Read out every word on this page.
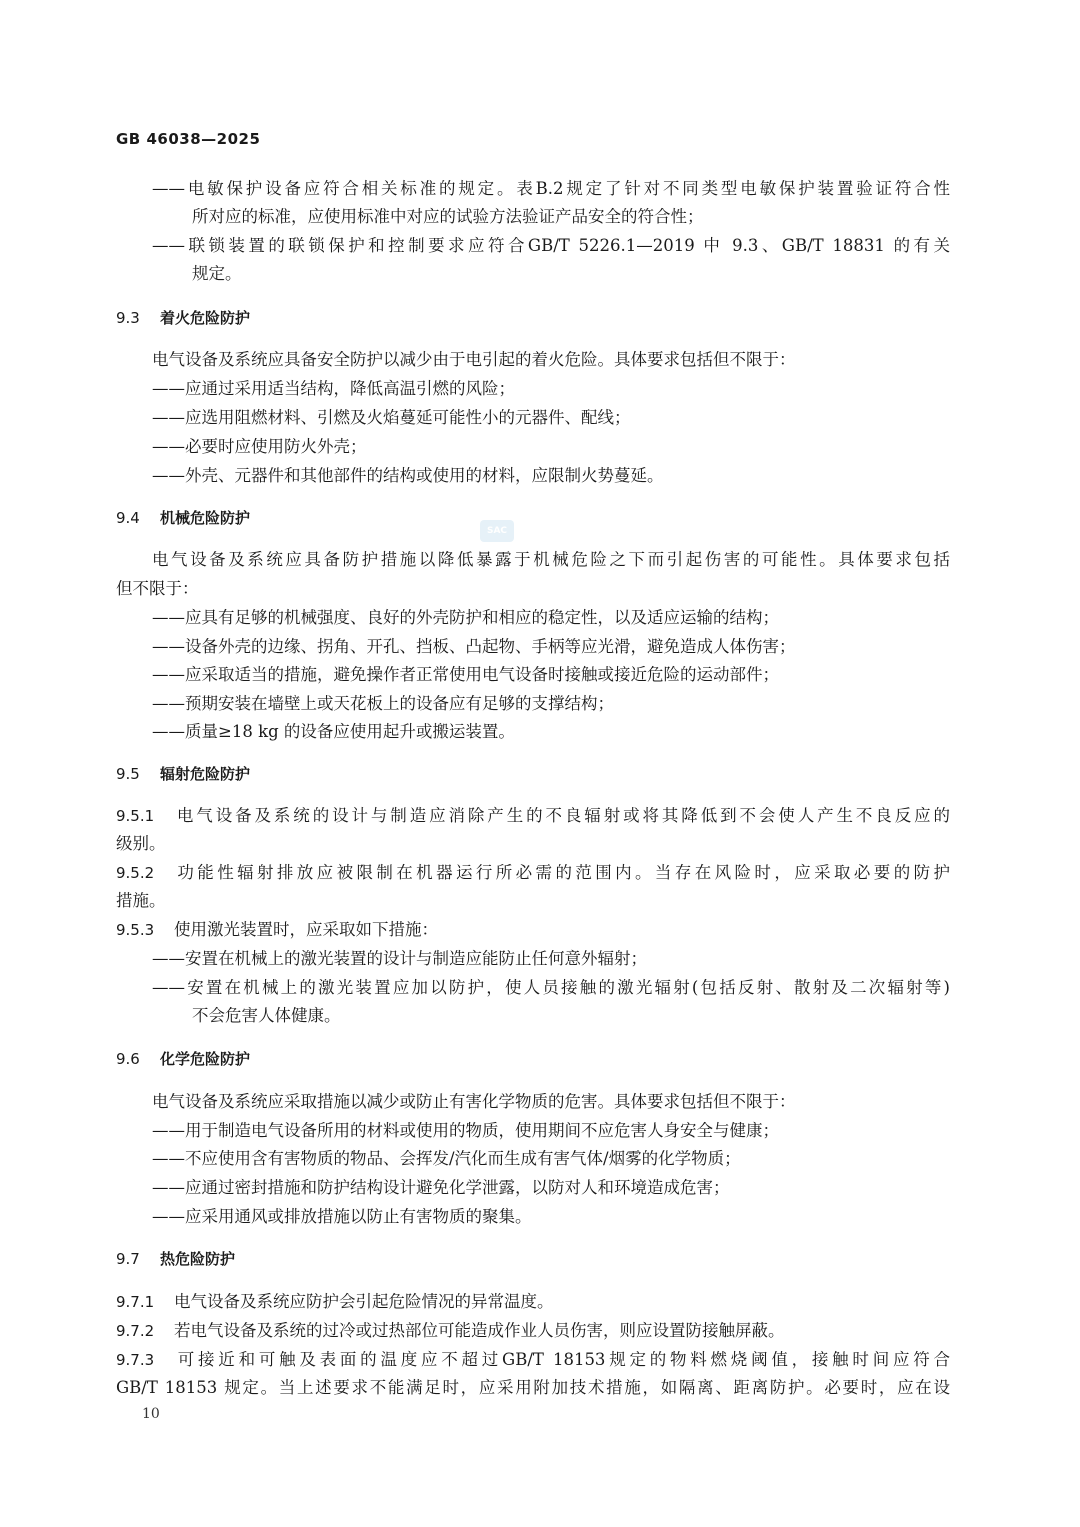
GB 46038—2025
SAC
——电敏保护设备应符合相关标准的规定。表B.2规定了针对不同类型电敏保护装置验证符合性
所对应的标准，应使用标准中对应的试验方法验证产品安全的符合性；
——联锁装置的联锁保护和控制要求应符合GB/T 5226.1—2019 中 9.3、GB/T 18831 的有关
规定。
9.3 着火危险防护
电气设备及系统应具备安全防护以减少由于电引起的着火危险。具体要求包括但不限于：
——应通过采用适当结构，降低高温引燃的风险；
——应选用阻燃材料、引燃及火焰蔓延可能性小的元器件、配线；
——必要时应使用防火外壳；
——外壳、元器件和其他部件的结构或使用的材料，应限制火势蔓延。
9.4 机械危险防护
电气设备及系统应具备防护措施以降低暴露于机械危险之下而引起伤害的可能性。具体要求包括
但不限于：
——应具有足够的机械强度、良好的外壳防护和相应的稳定性，以及适应运输的结构；
——设备外壳的边缘、拐角、开孔、挡板、凸起物、手柄等应光滑，避免造成人体伤害；
——应采取适当的措施，避免操作者正常使用电气设备时接触或接近危险的运动部件；
——预期安装在墙壁上或天花板上的设备应有足够的支撑结构；
——质量≥18 kg 的设备应使用起升或搬运装置。
9.5 辐射危险防护
9.5.1 电气设备及系统的设计与制造应消除产生的不良辐射或将其降低到不会使人产生不良反应的
级别。
9.5.2 功能性辐射排放应被限制在机器运行所必需的范围内。当存在风险时，应采取必要的防护
措施。
9.5.3 使用激光装置时，应采取如下措施：
——安置在机械上的激光装置的设计与制造应能防止任何意外辐射；
——安置在机械上的激光装置应加以防护，使人员接触的激光辐射(包括反射、散射及二次辐射等)
不会危害人体健康。
9.6 化学危险防护
电气设备及系统应采取措施以减少或防止有害化学物质的危害。具体要求包括但不限于：
——用于制造电气设备所用的材料或使用的物质，使用期间不应危害人身安全与健康；
——不应使用含有害物质的物品、会挥发/汽化而生成有害气体/烟雾的化学物质；
——应通过密封措施和防护结构设计避免化学泄露，以防对人和环境造成危害；
——应采用通风或排放措施以防止有害物质的聚集。
9.7 热危险防护
9.7.1 电气设备及系统应防护会引起危险情况的异常温度。
9.7.2 若电气设备及系统的过冷或过热部位可能造成作业人员伤害，则应设置防接触屏蔽。
9.7.3 可接近和可触及表面的温度应不超过GB/T 18153规定的物料燃烧阈值，接触时间应符合
GB/T 18153 规定。当上述要求不能满足时，应采用附加技术措施，如隔离、距离防护。必要时，应在设
10
